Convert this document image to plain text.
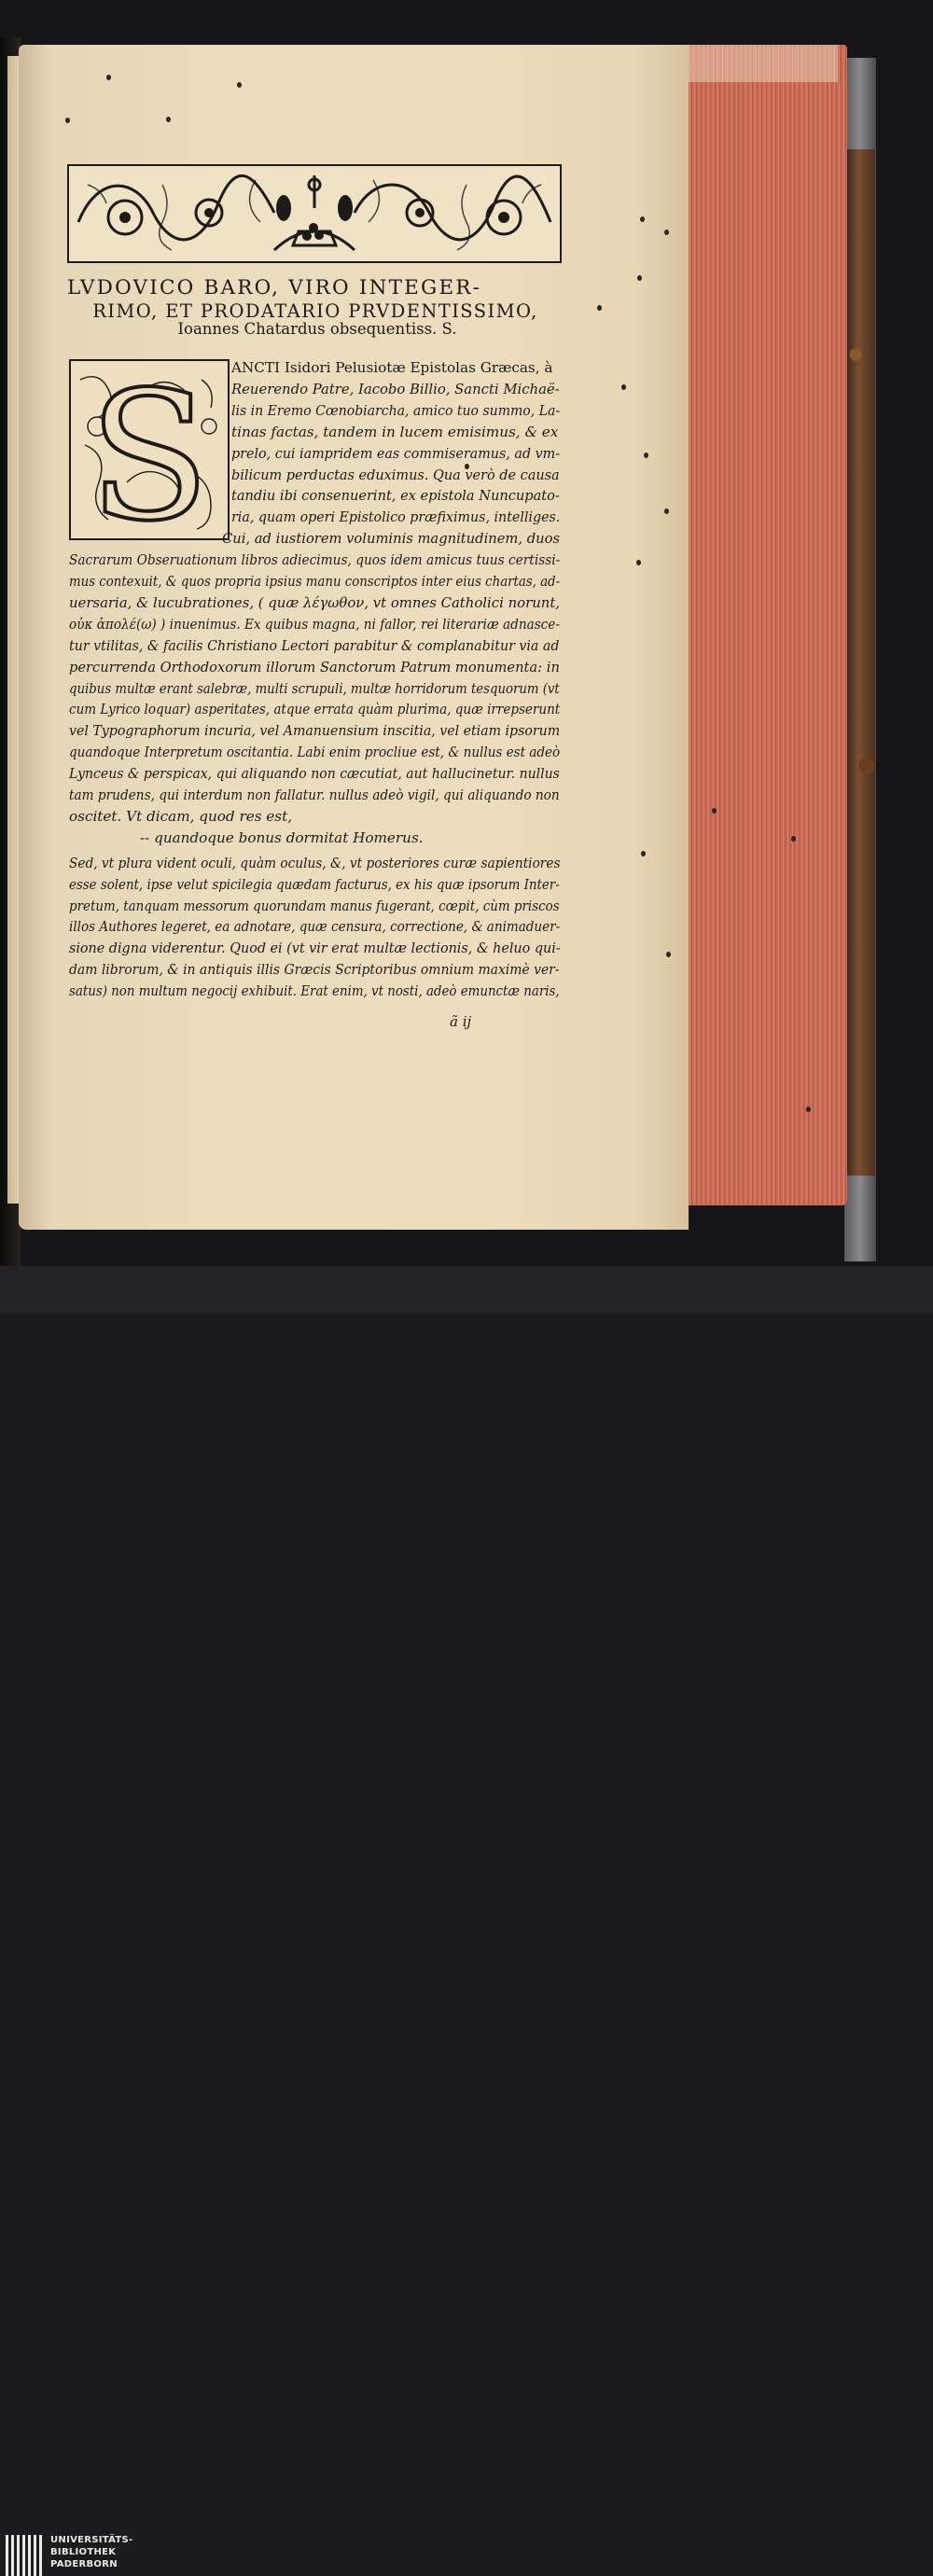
LVDOVICO BARO, VIRO INTEGER-
RIMO, ET PRODATARIO PRVDENTISSIMO,
Ioannes Chatardus obsequentiss. S.
S ANCTI Isidori Pelusiotæ Epistolas Græcas, à
Reuerendo Patre, Iacobo Billio, Sancti Michaë-
lis in Eremo Cœnobiarcha, amico tuo summo, La-
tinas factas, tandem in lucem emisimus, & ex
prelo, cui iampridem eas commiseramus, ad vm-
bilicum perductas eduximus. Qua verò de causa
tandiu ibi consenuerint, ex epistola Nuncupato-
ria, quam operi Epistolico præfiximus, intelliges.
Cui, ad iustiorem voluminis magnitudinem, duos
Sacrarum Obseruationum libros adiecimus, quos idem amicus tuus certissi-
mus contexuit, & quos propria ipsius manu conscriptos inter eius chartas, ad-
uersaria, & lucubrationes, ( quæ λέγωθον, vt omnes Catholici norunt,
οὐκ ἀπολέ(ω) ) inuenimus. Ex quibus magna, ni fallor, rei literariæ adnasce-
tur vtilitas, & facilis Christiano Lectori parabitur & complanabitur via ad
percurrenda Orthodoxorum illorum Sanctorum Patrum monumenta: in
quibus multæ erant salebræ, multi scrupuli, multæ horridorum tesquorum (vt
cum Lyrico loquar) asperitates, atque errata quàm plurima, quæ irrepserunt
vel Typographorum incuria, vel Amanuensium inscitia, vel etiam ipsorum
quandoque Interpretum oscitantia. Labi enim procliue est, & nullus est adeò
Lynceus & perspicax, qui aliquando non cæcutiat, aut hallucinetur. nullus
tam prudens, qui interdum non fallatur. nullus adeò vigil, qui aliquando non
oscitet. Vt dicam, quod res est,
-- quandoque bonus dormitat Homerus.
Sed, vt plura vident oculi, quàm oculus, &, vt posteriores curæ sapientiores
esse solent, ipse velut spicilegia quædam facturus, ex his quæ ipsorum Inter-
pretum, tanquam messorum quorundam manus fugerant, cœpit, cùm priscos
illos Authores legeret, ea adnotare, quæ censura, correctione, & animaduer-
sione digna viderentur. Quod ei (vt vir erat multæ lectionis, & heluo qui-
dam librorum, & in antiquis illis Græcis Scriptoribus omnium maximè ver-
satus) non multum negocij exhibuit. Erat enim, vt nosti, adeò emunctæ naris,
ã ij
UNIVERSITÄTS-
BIBLIOTHEK
PADERBORN
